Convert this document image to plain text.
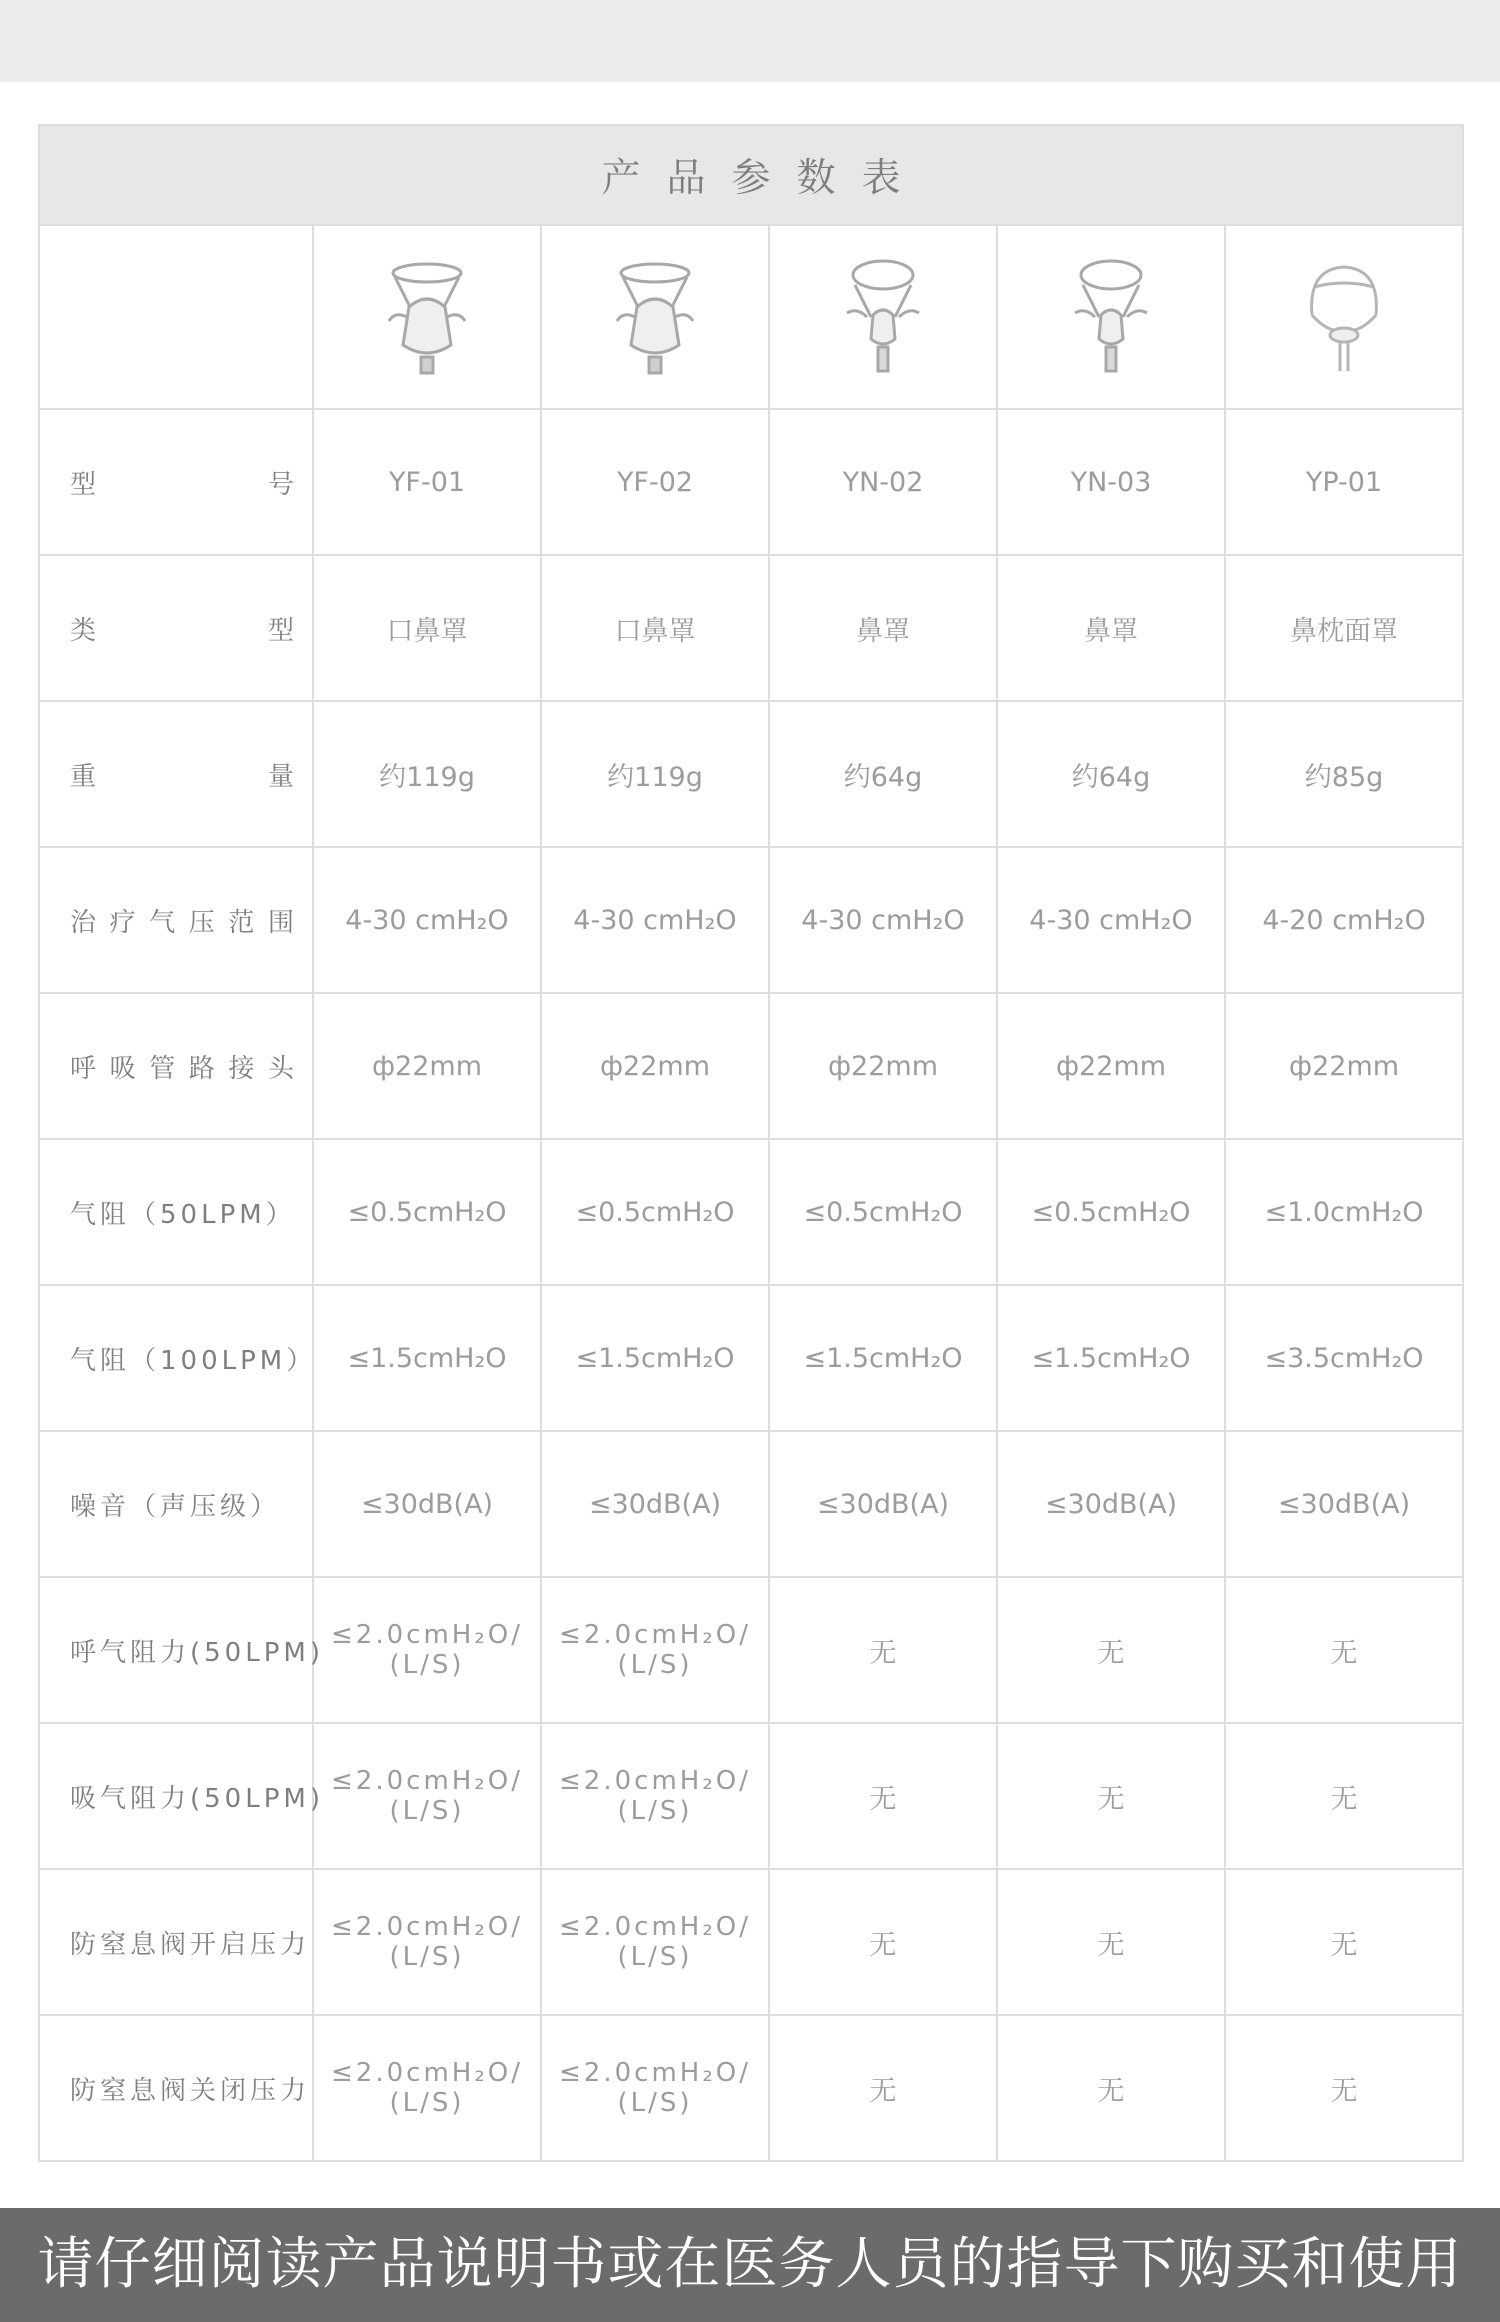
产品参数表					

型号	YF-01	YF-02	YN-02	YN-03	YP-01
类型	口鼻罩	口鼻罩	鼻罩	鼻罩	鼻枕面罩
重量	约119g	约119g	约64g	约64g	约85g
治疗气压范围	4-30 cmH₂O	4-30 cmH₂O	4-30 cmH₂O	4-30 cmH₂O	4-20 cmH₂O
呼吸管路接头	ф22mm	ф22mm	ф22mm	ф22mm	ф22mm
气阻（50LPM）	≤0.5cmH₂O	≤0.5cmH₂O	≤0.5cmH₂O	≤0.5cmH₂O	≤1.0cmH₂O
气阻（100LPM）	≤1.5cmH₂O	≤1.5cmH₂O	≤1.5cmH₂O	≤1.5cmH₂O	≤3.5cmH₂O
噪音（声压级）	≤30dB(A)	≤30dB(A)	≤30dB(A)	≤30dB(A)	≤30dB(A)
呼气阻力(50LPM)	≤2.0cmH₂O/
(L/S)	≤2.0cmH₂O/
(L/S)	无	无	无
吸气阻力(50LPM)	≤2.0cmH₂O/
(L/S)	≤2.0cmH₂O/
(L/S)	无	无	无
防窒息阀开启压力	≤2.0cmH₂O/
(L/S)	≤2.0cmH₂O/
(L/S)	无	无	无
防窒息阀关闭压力	≤2.0cmH₂O/
(L/S)	≤2.0cmH₂O/
(L/S)	无	无	无
请仔细阅读产品说明书或在医务人员的指导下购买和使用
